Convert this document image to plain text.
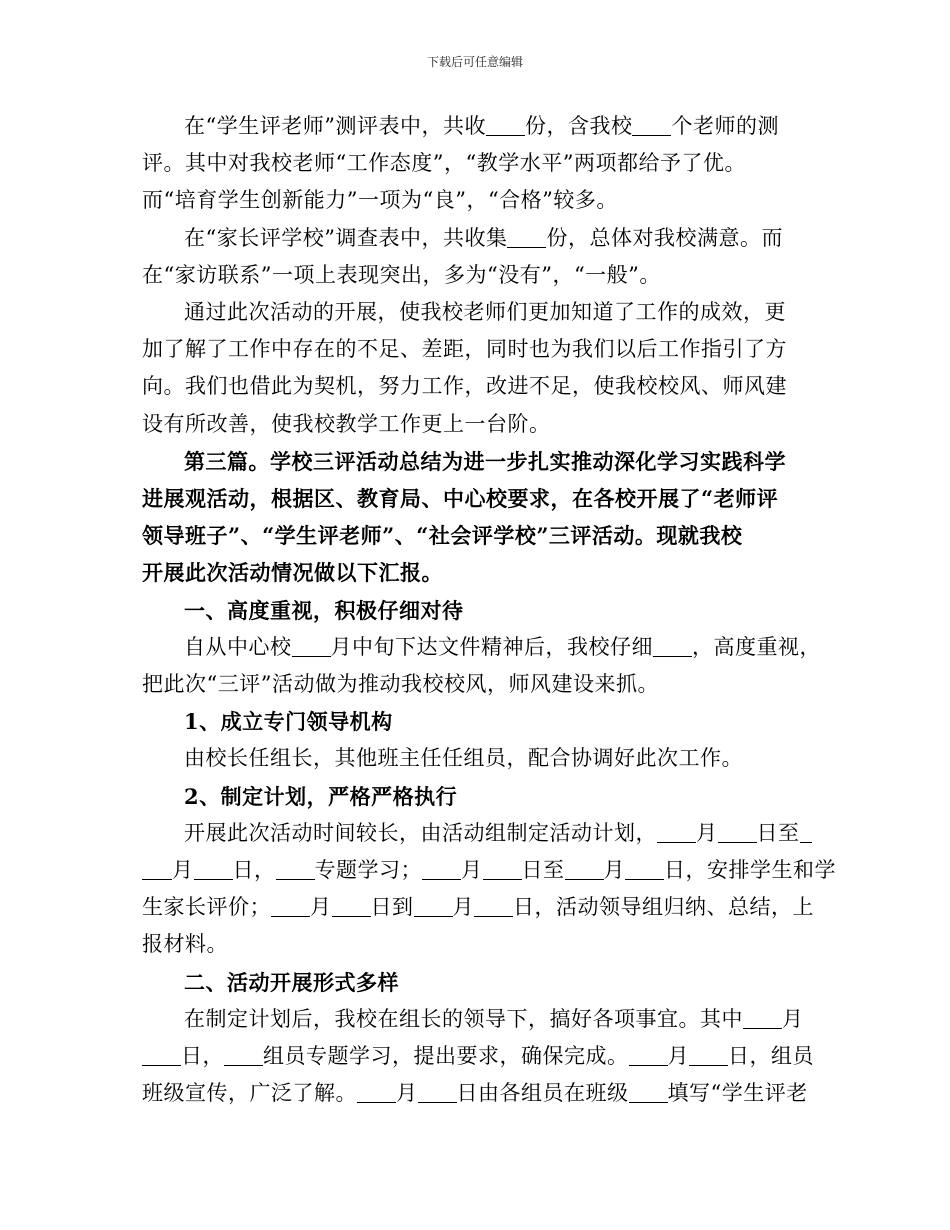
下载后可任意编辑

在“学生评老师”测评表中，共收 份，含我校 个老师的测

评。其中对我校老师“工作态度”，“教学水平”两项都给予了优。
而“培育学生创新能力”一项为“良”，“合格”较多。

在“家长评学校”调查表中，共收集 份，总体对我校满意。而

在“家访联系”一项上表现突出，多为“没有”，“一般”。

通过此次活动的开展，使我校老师们更加知道了工作的成效，更
加了解了工作中存在的不足、差距，同时也为我们以后工作指引了方
向。我们也借此为契机，努力工作，改进不足，使我校校风、师风建
设有所改善，使我校教学工作更上一台阶。

第三篇。学校三评活动总结为进一步扎实推动深化学习实践科学
进展观活动，根据区、教育局、中心校要求，在各校开展了“老师评
领导班子”、“学生评老师”、“社会评学校”三评活动。现就我校
开展此次活动情况做以下汇报。

一、高度重视，积极仔细对待

自从中心校 月中旬下达文件精神后，我校仔细 ，高度重视，
把此次“三评”活动做为推动我校校风，师风建设来抓。

1、成立专门领导机构

由校长任组长，其他班主任任组员，配合协调好此次工作。

2、制定计划，严格严格执行

开展此次活动时间较长，由活动组制定活动计划， 月 日至
月 日， 专题学习； 月 日至 月 日，安排学生和学
生家长评价； 月 日到 月 日，活动领导组归纳、总结，上
报材料。

二、活动开展形式多样

在制定计划后，我校在组长的领导下，搞好各项事宜。其中 月
日， 组员专题学习，提出要求，确保完成。 月 日，组员
班级宣传，广泛了解。 月 日由各组员在班级 填写“学生评老
